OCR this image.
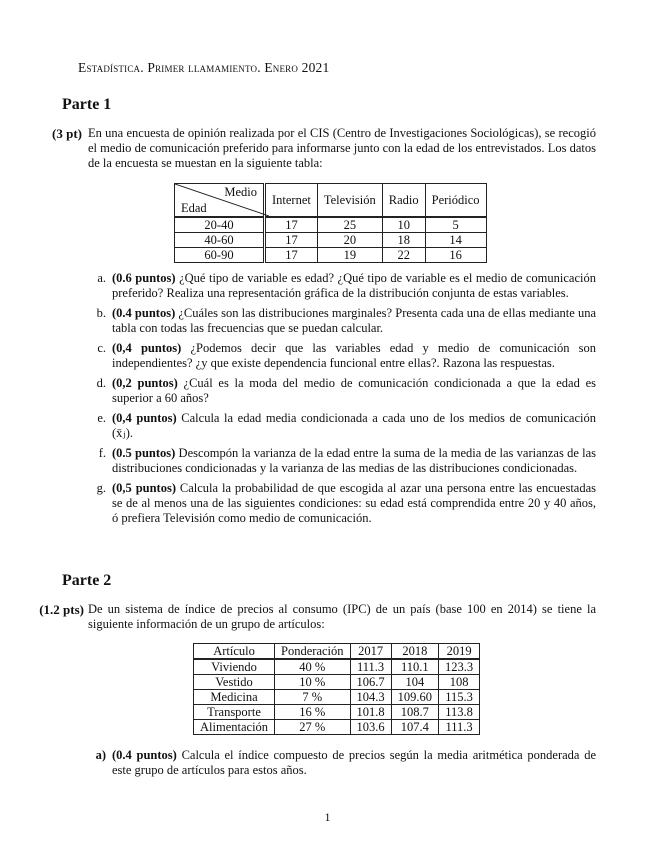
Estadística. Primer llamamiento. Enero 2021
Parte 1
(3 pt) En una encuesta de opinión realizada por el CIS (Centro de Investigaciones Sociológicas), se recogió el medio de comunicación preferido para informarse junto con la edad de los entrevistados. Los datos de la encuesta se muestan en la siguiente tabla:

Medio
Edad	Internet	Televisión	Radio	Periódico
20-40	17	25	10	5
40-60	17	20	18	14
60-90	17	19	22	16
a. (0.6 puntos) ¿Qué tipo de variable es edad? ¿Qué tipo de variable es el medio de comunicación preferido? Realiza una representación gráfica de la distribución conjunta de estas variables.
b. (0.4 puntos) ¿Cuáles son las distribuciones marginales? Presenta cada una de ellas mediante una tabla con todas las frecuencias que se puedan calcular.
c. (0,4 puntos) ¿Podemos decir que las variables edad y medio de comunicación son independientes? ¿y que existe dependencia funcional entre ellas?. Razona las respuestas.
d. (0,2 puntos) ¿Cuál es la moda del medio de comunicación condicionada a que la edad es superior a 60 años?
e. (0,4 puntos) Calcula la edad media condicionada a cada uno de los medios de comunicación (x̄ⱼ).
f. (0.5 puntos) Descompón la varianza de la edad entre la suma de la media de las varianzas de las distribuciones condicionadas y la varianza de las medias de las distribuciones condicionadas.
g. (0,5 puntos) Calcula la probabilidad de que escogida al azar una persona entre las encuestadas se de al menos una de las siguientes condiciones: su edad está comprendida entre 20 y 40 años, ó prefiera Televisión como medio de comunicación.
Parte 2
(1.2 pts) De un sistema de índice de precios al consumo (IPC) de un país (base 100 en 2014) se tiene la siguiente información de un grupo de artículos:

Artículo	Ponderación	2017	2018	2019
Viviendo	40 %	111.3	110.1	123.3
Vestido	10 %	106.7	104	108
Medicina	7 %	104.3	109.60	115.3
Transporte	16 %	101.8	108.7	113.8
Alimentación	27 %	103.6	107.4	111.3
a) (0.4 puntos) Calcula el índice compuesto de precios según la media aritmética ponderada de este grupo de artículos para estos años.
1
